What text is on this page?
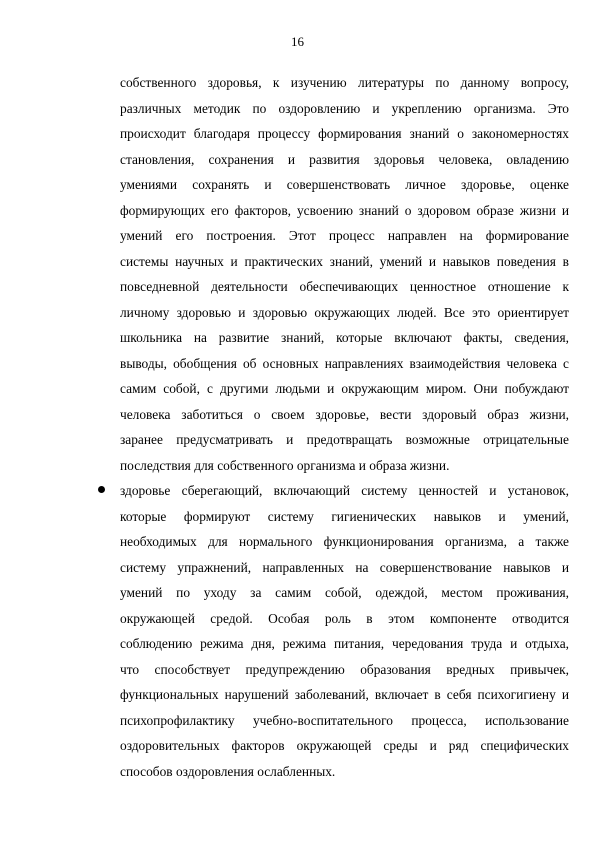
16
собственного здоровья, к изучению литературы по данному вопросу,
различных методик по оздоровлению и укреплению организма. Это
происходит благодаря процессу формирования знаний о закономерностях
становления, сохранения и развития здоровья человека, овладению
умениями сохранять и совершенствовать личное здоровье, оценке
формирующих его факторов, усвоению знаний о здоровом образе жизни и
умений его построения. Этот процесс направлен на формирование
системы научных и практических знаний, умений и навыков поведения в
повседневной деятельности обеспечивающих ценностное отношение к
личному здоровью и здоровью окружающих людей. Все это ориентирует
школьника на развитие знаний, которые включают факты, сведения,
выводы, обобщения об основных направлениях взаимодействия человека с
самим собой, с другими людьми и окружающим миром. Они побуждают
человека заботиться о своем здоровье, вести здоровый образ жизни,
заранее предусматривать и предотвращать возможные отрицательные
последствия для собственного организма и образа жизни.
здоровье сберегающий, включающий систему ценностей и установок,
которые формируют систему гигиенических навыков и умений,
необходимых для нормального функционирования организма, а также
систему упражнений, направленных на совершенствование навыков и
умений по уходу за самим собой, одеждой, местом проживания,
окружающей средой. Особая роль в этом компоненте отводится
соблюдению режима дня, режима питания, чередования труда и отдыха,
что способствует предупреждению образования вредных привычек,
функциональных нарушений заболеваний, включает в себя психогигиену и
психопрофилактику учебно-воспитательного процесса, использование
оздоровительных факторов окружающей среды и ряд специфических
способов оздоровления ослабленных.
